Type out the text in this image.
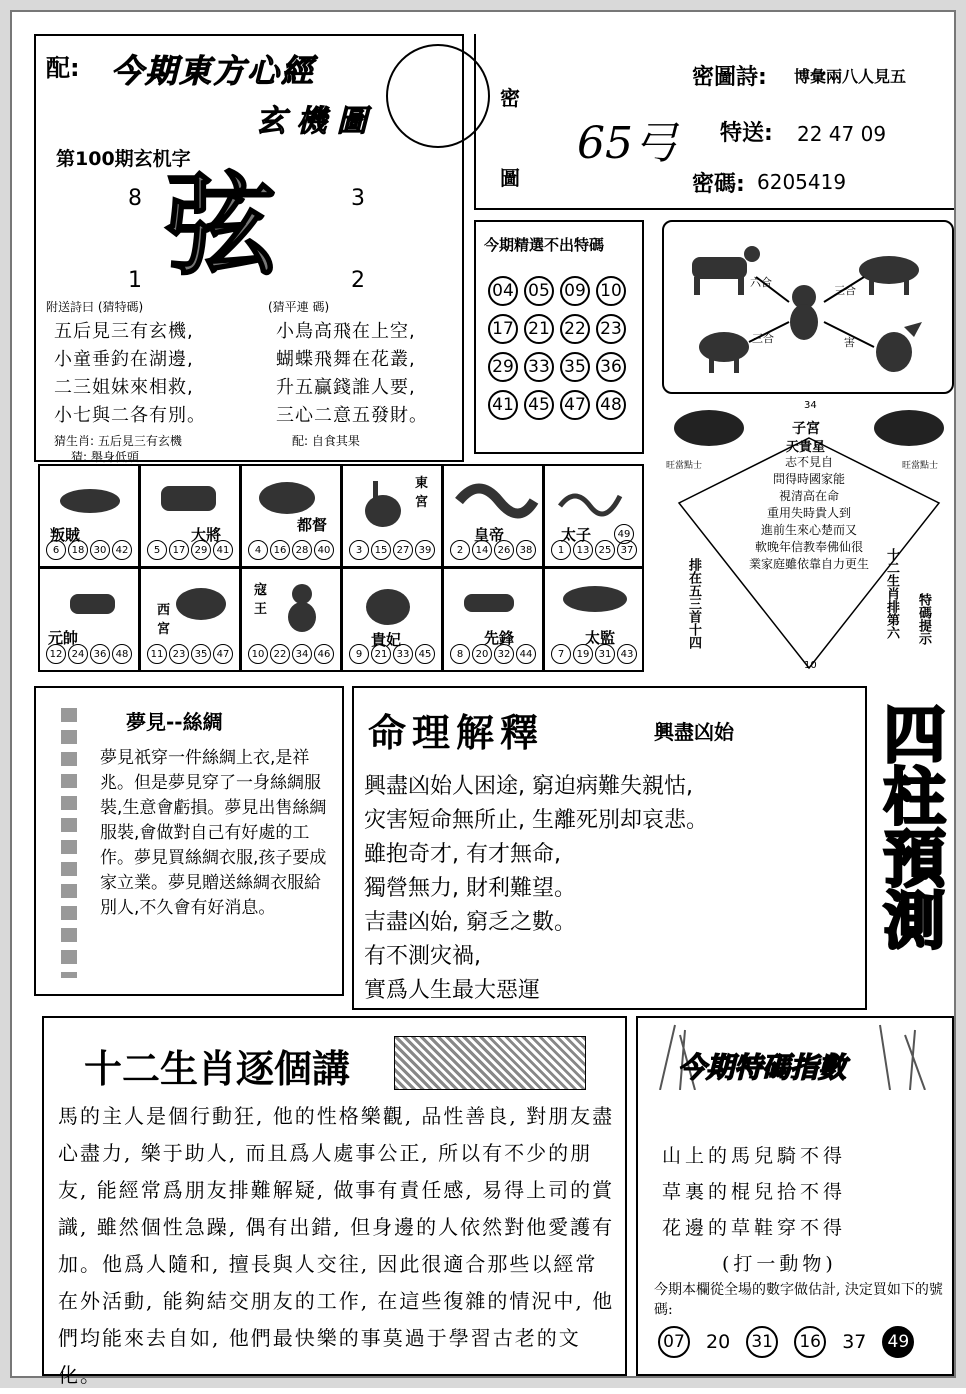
配: 今期東方心經
玄 機 圖
第100期玄机字
8	3
1	2
弦
附送詩曰 (猜特碼)	(猜平連 碼)
五后見三有玄機,
小童垂釣在湖邊,
二三姐妹來相救,
小七與二各有別。
小鳥高飛在上空,
蝴蝶飛舞在花叢,
升五贏錢誰人要,
三心二意五發財。
猜生肖: 五后見三有玄機
猜: 舉身低頭
配: 自食其果
密
圖
65弓
密圖詩: 博彙兩八人見五
特送: 22 47 09
密碼: 6205419
今期精選不出特碼
04 05 09 10
17 21 22 23
29 33 35 36
41 45 47 48
六合
三合
三合	害
34
子宮
天貴星
志不見自
問得時國家能
視清高在命
重用失時貴人到
進前生來心楚而又
軟晚年信教奉佛仙很
業家庭雖依靠自力更生
旺當點士	旺當點士
排在五三首十四	十二生肖排第六 特碼提示
10
叛賊
6 18 30 42
大將
5 17 29 41
都督
4 16 28 40
東宮
3 15 27 39
皇帝
2 14 26 38
太子	49
1 13 25 37
元帥
12 24 36 48
西宮
11 23 35 47
寇王
10 22 34 46
貴妃
9 21 33 45
先鋒
8 20 32 44
太監
7 19 31 43
夢見--絲綢
夢見祇穿一件絲綢上衣,是祥兆。但是夢見穿了一身絲綢服裝,生意會虧損。夢見出售絲綢服裝,會做對自己有好處的工作。夢見買絲綢衣服,孩子要成家立業。夢見贈送絲綢衣服給別人,不久會有好消息。
命理解釋	興盡凶始
興盡凶始人困途, 窮迫病難失親怙,
灾害短命無所止, 生離死別却哀悲。
雖抱奇才, 有才無命,
獨營無力, 財利難望。
吉盡凶始, 窮乏之數。
有不測灾禍,
實爲人生最大惡運
四柱預測
十二生肖逐個講
馬的主人是個行動狂, 他的性格樂觀, 品性善良, 對朋友盡心盡力, 樂于助人, 而且爲人處事公正, 所以有不少的朋友, 能經常爲朋友排難解疑, 做事有責任感, 易得上司的賞識, 雖然個性急躁, 偶有出錯, 但身邊的人依然對他愛護有加。他爲人隨和, 擅長與人交往, 因此很適合那些以經常在外活動, 能夠結交朋友的工作, 在這些復雜的情況中, 他們均能來去自如, 他們最快樂的事莫過于學習古老的文化。
今期特碼指數
山上的馬兒騎不得
草裏的棍兒拾不得
花邊的草鞋穿不得
(打一動物)
今期本欄從全場的數字做估計, 決定買如下的號碼:
07 20	31	16 37	49
